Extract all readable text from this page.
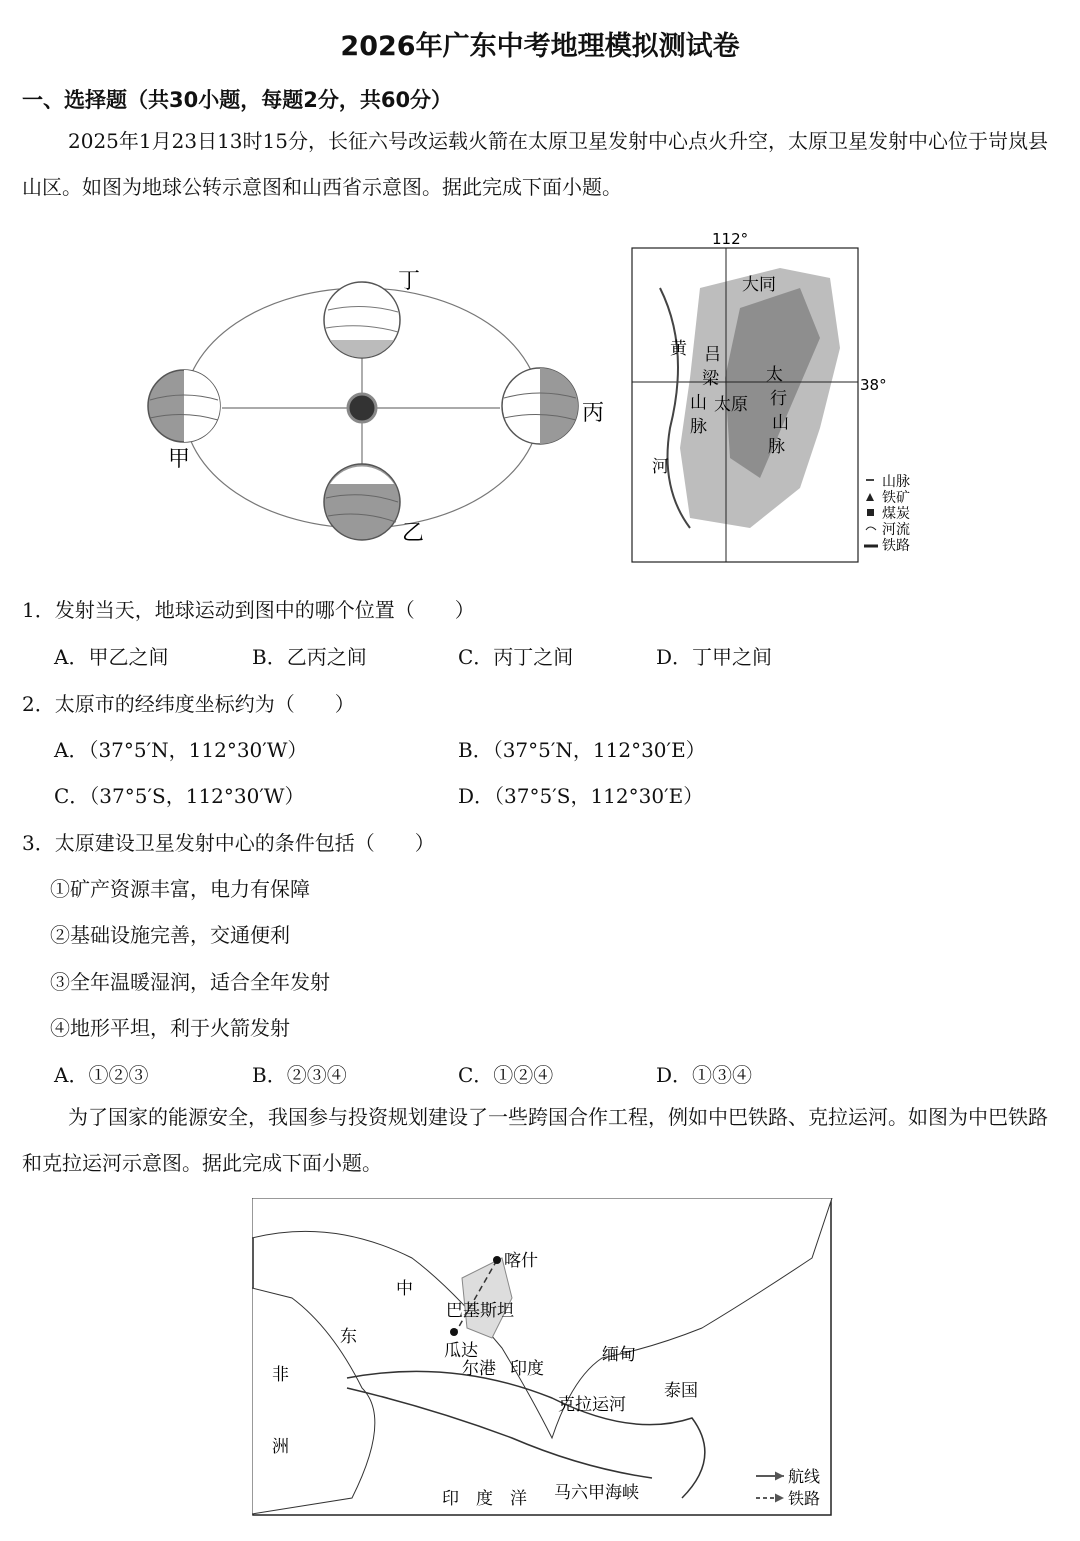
2026年广东中考地理模拟测试卷
一、选择题（共30小题，每题2分，共60分）
2025年1月23日13时15分，长征六号改运载火箭在太原卫星发射中心点火升空，太原卫星发射中心位于岢岚县山区。如图为地球公转示意图和山西省示意图。据此完成下面小题。
丁
甲
丙
乙
112°
38°
大同
黄
河
吕
梁
山
脉
太原
太
行
山
脉
山脉
铁矿
煤炭
河流
铁路
1．发射当天，地球运动到图中的哪个位置（　　）
A．甲乙之间	B．乙丙之间	C．丙丁之间	D．丁甲之间
2．太原市的经纬度坐标约为（　　）
A．（37°5′N，112°30′W）	B．（37°5′N，112°30′E）
C．（37°5′S，112°30′W）	D．（37°5′S，112°30′E）
3．太原建设卫星发射中心的条件包括（　　）
①矿产资源丰富，电力有保障
②基础设施完善，交通便利
③全年温暖湿润，适合全年发射
④地形平坦，利于火箭发射
A．①②③	B．②③④	C．①②④	D．①③④
为了国家的能源安全，我国参与投资规划建设了一些跨国合作工程，例如中巴铁路、克拉运河。如图为中巴铁路和克拉运河示意图。据此完成下面小题。
喀什
中
巴基斯坦
东
瓜达
尔港 印度
缅甸
泰国
克拉运河
非
洲
印　度　洋 马六甲海峡
航线
铁路
